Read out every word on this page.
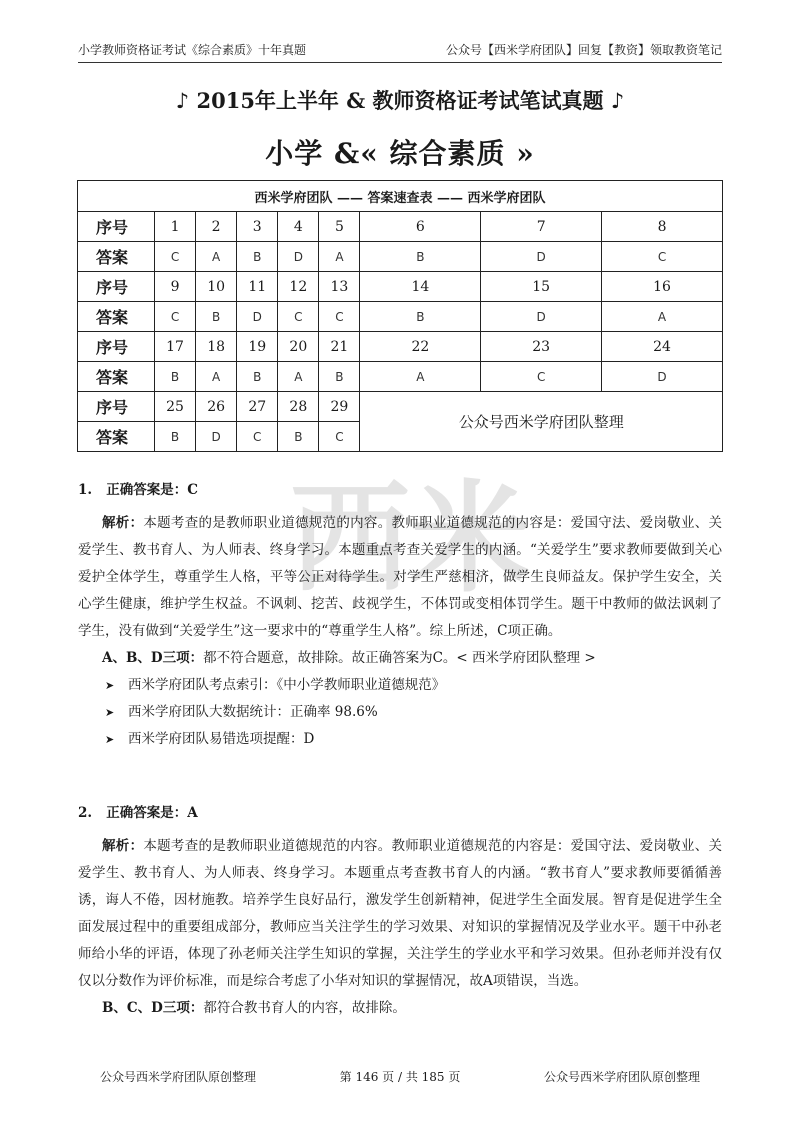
小学教师资格证考试《综合素质》十年真题	公众号【西米学府团队】回复【教资】领取教资笔记
西 米
♪ 2015年上半年 & 教师资格证考试笔试真题 ♪
小学 &« 综合素质 »
西米学府团队 —— 答案速查表 —— 西米学府团队								
序号	1	2	3	4	5	6	7	8
答案	C	A	B	D	A	B	D	C
序号	9	10	11	12	13	14	15	16
答案	C	B	D	C	C	B	D	A
序号	17	18	19	20	21	22	23	24
答案	B	A	B	A	B	A	C	D
序号	25	26	27	28	29	公众号西米学府团队整理		
答案	B	D	C	B	C			

1. 正确答案是：C

解析：本题考查的是教师职业道德规范的内容。教师职业道德规范的内容是：爱国守法、爱岗敬业、关爱学生、教书育人、为人师表、终身学习。本题重点考查关爱学生的内涵。“关爱学生”要求教师要做到关心爱护全体学生，尊重学生人格，平等公正对待学生。对学生严慈相济，做学生良师益友。保护学生安全，关心学生健康，维护学生权益。不讽刺、挖苦、歧视学生，不体罚或变相体罚学生。题干中教师的做法讽刺了学生，没有做到“关爱学生”这一要求中的“尊重学生人格”。综上所述，C项正确。

A、B、D三项：都不符合题意，故排除。故正确答案为C。< 西米学府团队整理 >

➤ 西米学府团队考点索引：《中小学教师职业道德规范》
➤ 西米学府团队大数据统计：正确率 98.6%
➤ 西米学府团队易错选项提醒：D

2. 正确答案是：A

解析：本题考查的是教师职业道德规范的内容。教师职业道德规范的内容是：爱国守法、爱岗敬业、关爱学生、教书育人、为人师表、终身学习。本题重点考查教书育人的内涵。“教书育人”要求教师要循循善诱，诲人不倦，因材施教。培养学生良好品行，激发学生创新精神，促进学生全面发展。智育是促进学生全面发展过程中的重要组成部分，教师应当关注学生的学习效果、对知识的掌握情况及学业水平。题干中孙老师给小华的评语，体现了孙老师关注学生知识的掌握，关注学生的学业水平和学习效果。但孙老师并没有仅仅以分数作为评价标准，而是综合考虑了小华对知识的掌握情况，故A项错误，当选。

B、C、D三项：都符合教书育人的内容，故排除。

公众号西米学府团队原创整理	第 146 页 / 共 185 页	公众号西米学府团队原创整理
